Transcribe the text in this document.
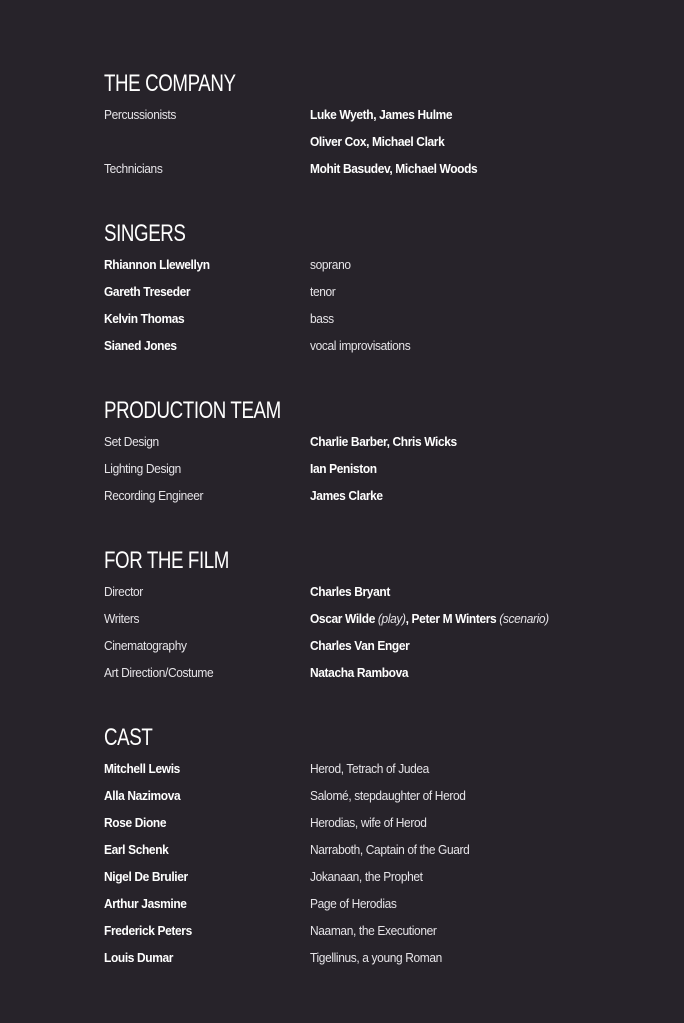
THE COMPANY
Percussionists	Luke Wyeth, James Hulme
Oliver Cox, Michael Clark
Technicians	Mohit Basudev, Michael Woods
SINGERS
Rhiannon Llewellyn	soprano
Gareth Treseder	tenor
Kelvin Thomas	bass
Sianed Jones	vocal improvisations
PRODUCTION TEAM
Set Design	Charlie Barber, Chris Wicks
Lighting Design	Ian Peniston
Recording Engineer	James Clarke
FOR THE FILM
Director	Charles Bryant
Writers	Oscar Wilde (play), Peter M Winters (scenario)
Cinematography	Charles Van Enger
Art Direction/Costume	Natacha Rambova
CAST
Mitchell Lewis	Herod, Tetrach of Judea
Alla Nazimova	Salomé, stepdaughter of Herod
Rose Dione	Herodias, wife of Herod
Earl Schenk	Narraboth, Captain of the Guard
Nigel De Brulier	Jokanaan, the Prophet
Arthur Jasmine	Page of Herodias
Frederick Peters	Naaman, the Executioner
Louis Dumar	Tigellinus, a young Roman
